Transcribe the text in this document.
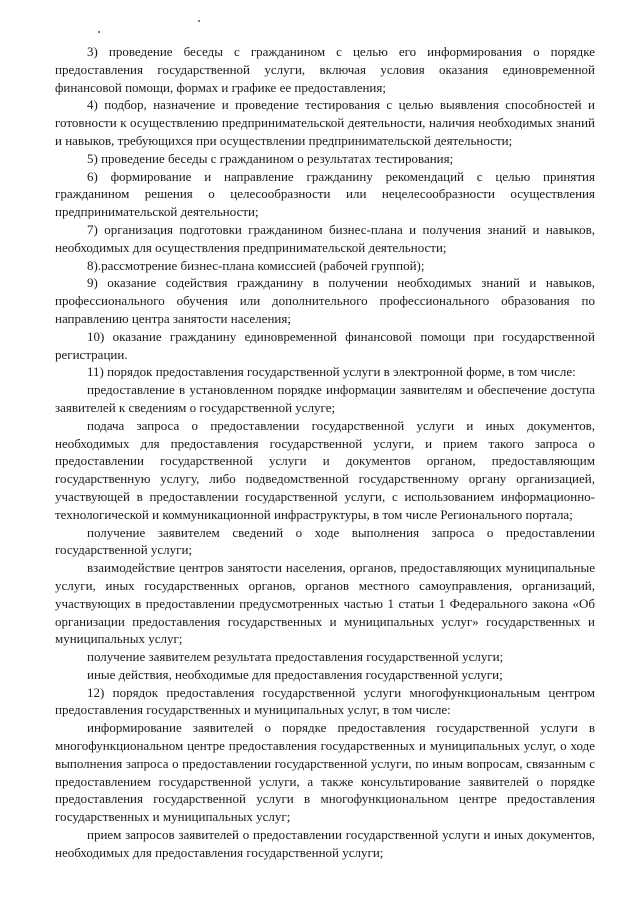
3) проведение беседы с гражданином с целью его информирования о порядке предоставления государственной услуги, включая условия оказания единовременной финансовой помощи, формах и графике ее предоставления;

4) подбор, назначение и проведение тестирования с целью выявления способностей и готовности к осуществлению предпринимательской деятельности, наличия необходимых знаний и навыков, требующихся при осуществлении предпринимательской деятельности;

5) проведение беседы с гражданином о результатах тестирования;

6) формирование и направление гражданину рекомендаций с целью принятия гражданином решения о целесообразности или нецелесообразности осуществления предпринимательской деятельности;

7) организация подготовки гражданином бизнес-плана и получения знаний и навыков, необходимых для осуществления предпринимательской деятельности;

8).рассмотрение бизнес-плана комиссией (рабочей группой);

9) оказание содействия гражданину в получении необходимых знаний и навыков, профессионального обучения или дополнительного профессионального образования по направлению центра занятости населения;

10) оказание гражданину единовременной финансовой помощи при государственной регистрации.

11) порядок предоставления государственной услуги в электронной форме, в том числе:

предоставление в установленном порядке информации заявителям и обеспечение доступа заявителей к сведениям о государственной услуге;

подача запроса о предоставлении государственной услуги и иных документов, необходимых для предоставления государственной услуги, и прием такого запроса о предоставлении государственной услуги и документов органом, предоставляющим государственную услугу, либо подведомственной государственному органу организацией, участвующей в предоставлении государственной услуги, с использованием информационно-технологической и коммуникационной инфраструктуры, в том числе Регионального портала;

получение заявителем сведений о ходе выполнения запроса о предоставлении государственной услуги;

взаимодействие центров занятости населения, органов, предоставляющих муниципальные услуги, иных государственных органов, органов местного самоуправления, организаций, участвующих в предоставлении предусмотренных частью 1 статьи 1 Федерального закона «Об организации предоставления государственных и муниципальных услуг» государственных и муниципальных услуг;

получение заявителем результата предоставления государственной услуги;

иные действия, необходимые для предоставления государственной услуги;

12) порядок предоставления государственной услуги многофункциональным центром предоставления государственных и муниципальных услуг, в том числе:

информирование заявителей о порядке предоставления государственной услуги в многофункциональном центре предоставления государственных и муниципальных услуг, о ходе выполнения запроса о предоставлении государственной услуги, по иным вопросам, связанным с предоставлением государственной услуги, а также консультирование заявителей о порядке предоставления государственной услуги в многофункциональном центре предоставления государственных и муниципальных услуг;

прием запросов заявителей о предоставлении государственной услуги и иных документов, необходимых для предоставления государственной услуги;
